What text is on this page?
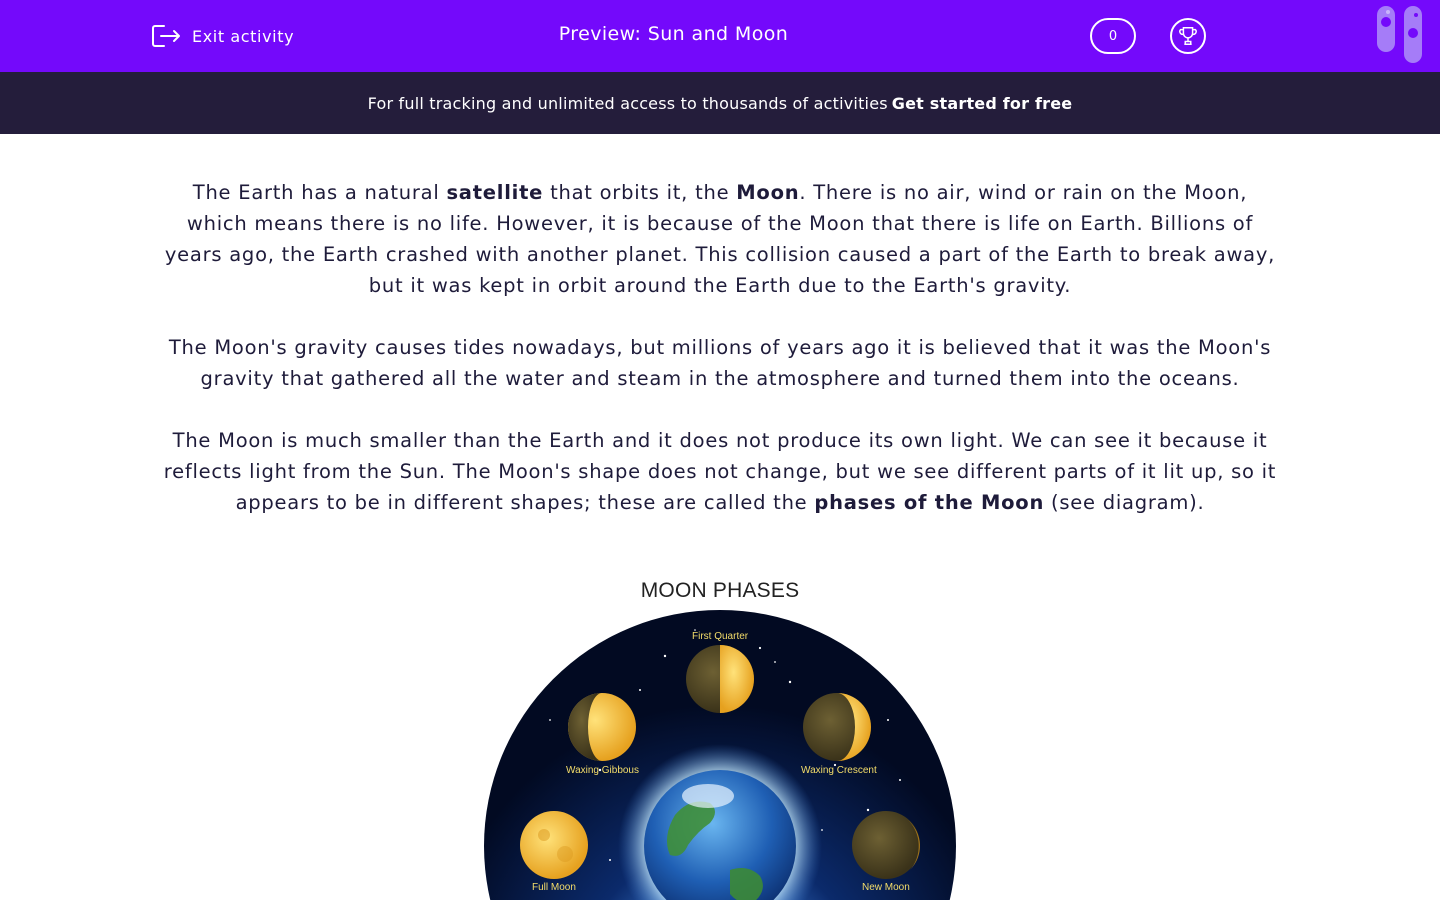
Exit activity	Preview: Sun and Moon	0
For full tracking and unlimited access to thousands of activities Get started for free

The Earth has a natural satellite that orbits it, the Moon. There is no air, wind or rain on the Moon, which means there is no life. However, it is because of the Moon that there is life on Earth. Billions of years ago, the Earth crashed with another planet. This collision caused a part of the Earth to break away, but it was kept in orbit around the Earth due to the Earth's gravity.

The Moon's gravity causes tides nowadays, but millions of years ago it is believed that it was the Moon's gravity that gathered all the water and steam in the atmosphere and turned them into the oceans.

The Moon is much smaller than the Earth and it does not produce its own light. We can see it because it reflects light from the Sun. The Moon's shape does not change, but we see different parts of it lit up, so it appears to be in different shapes; these are called the phases of the Moon (see diagram).

MOON PHASES
First Quarter
Waxing Gibbous	Waxing Crescent
Full Moon	New Moon
